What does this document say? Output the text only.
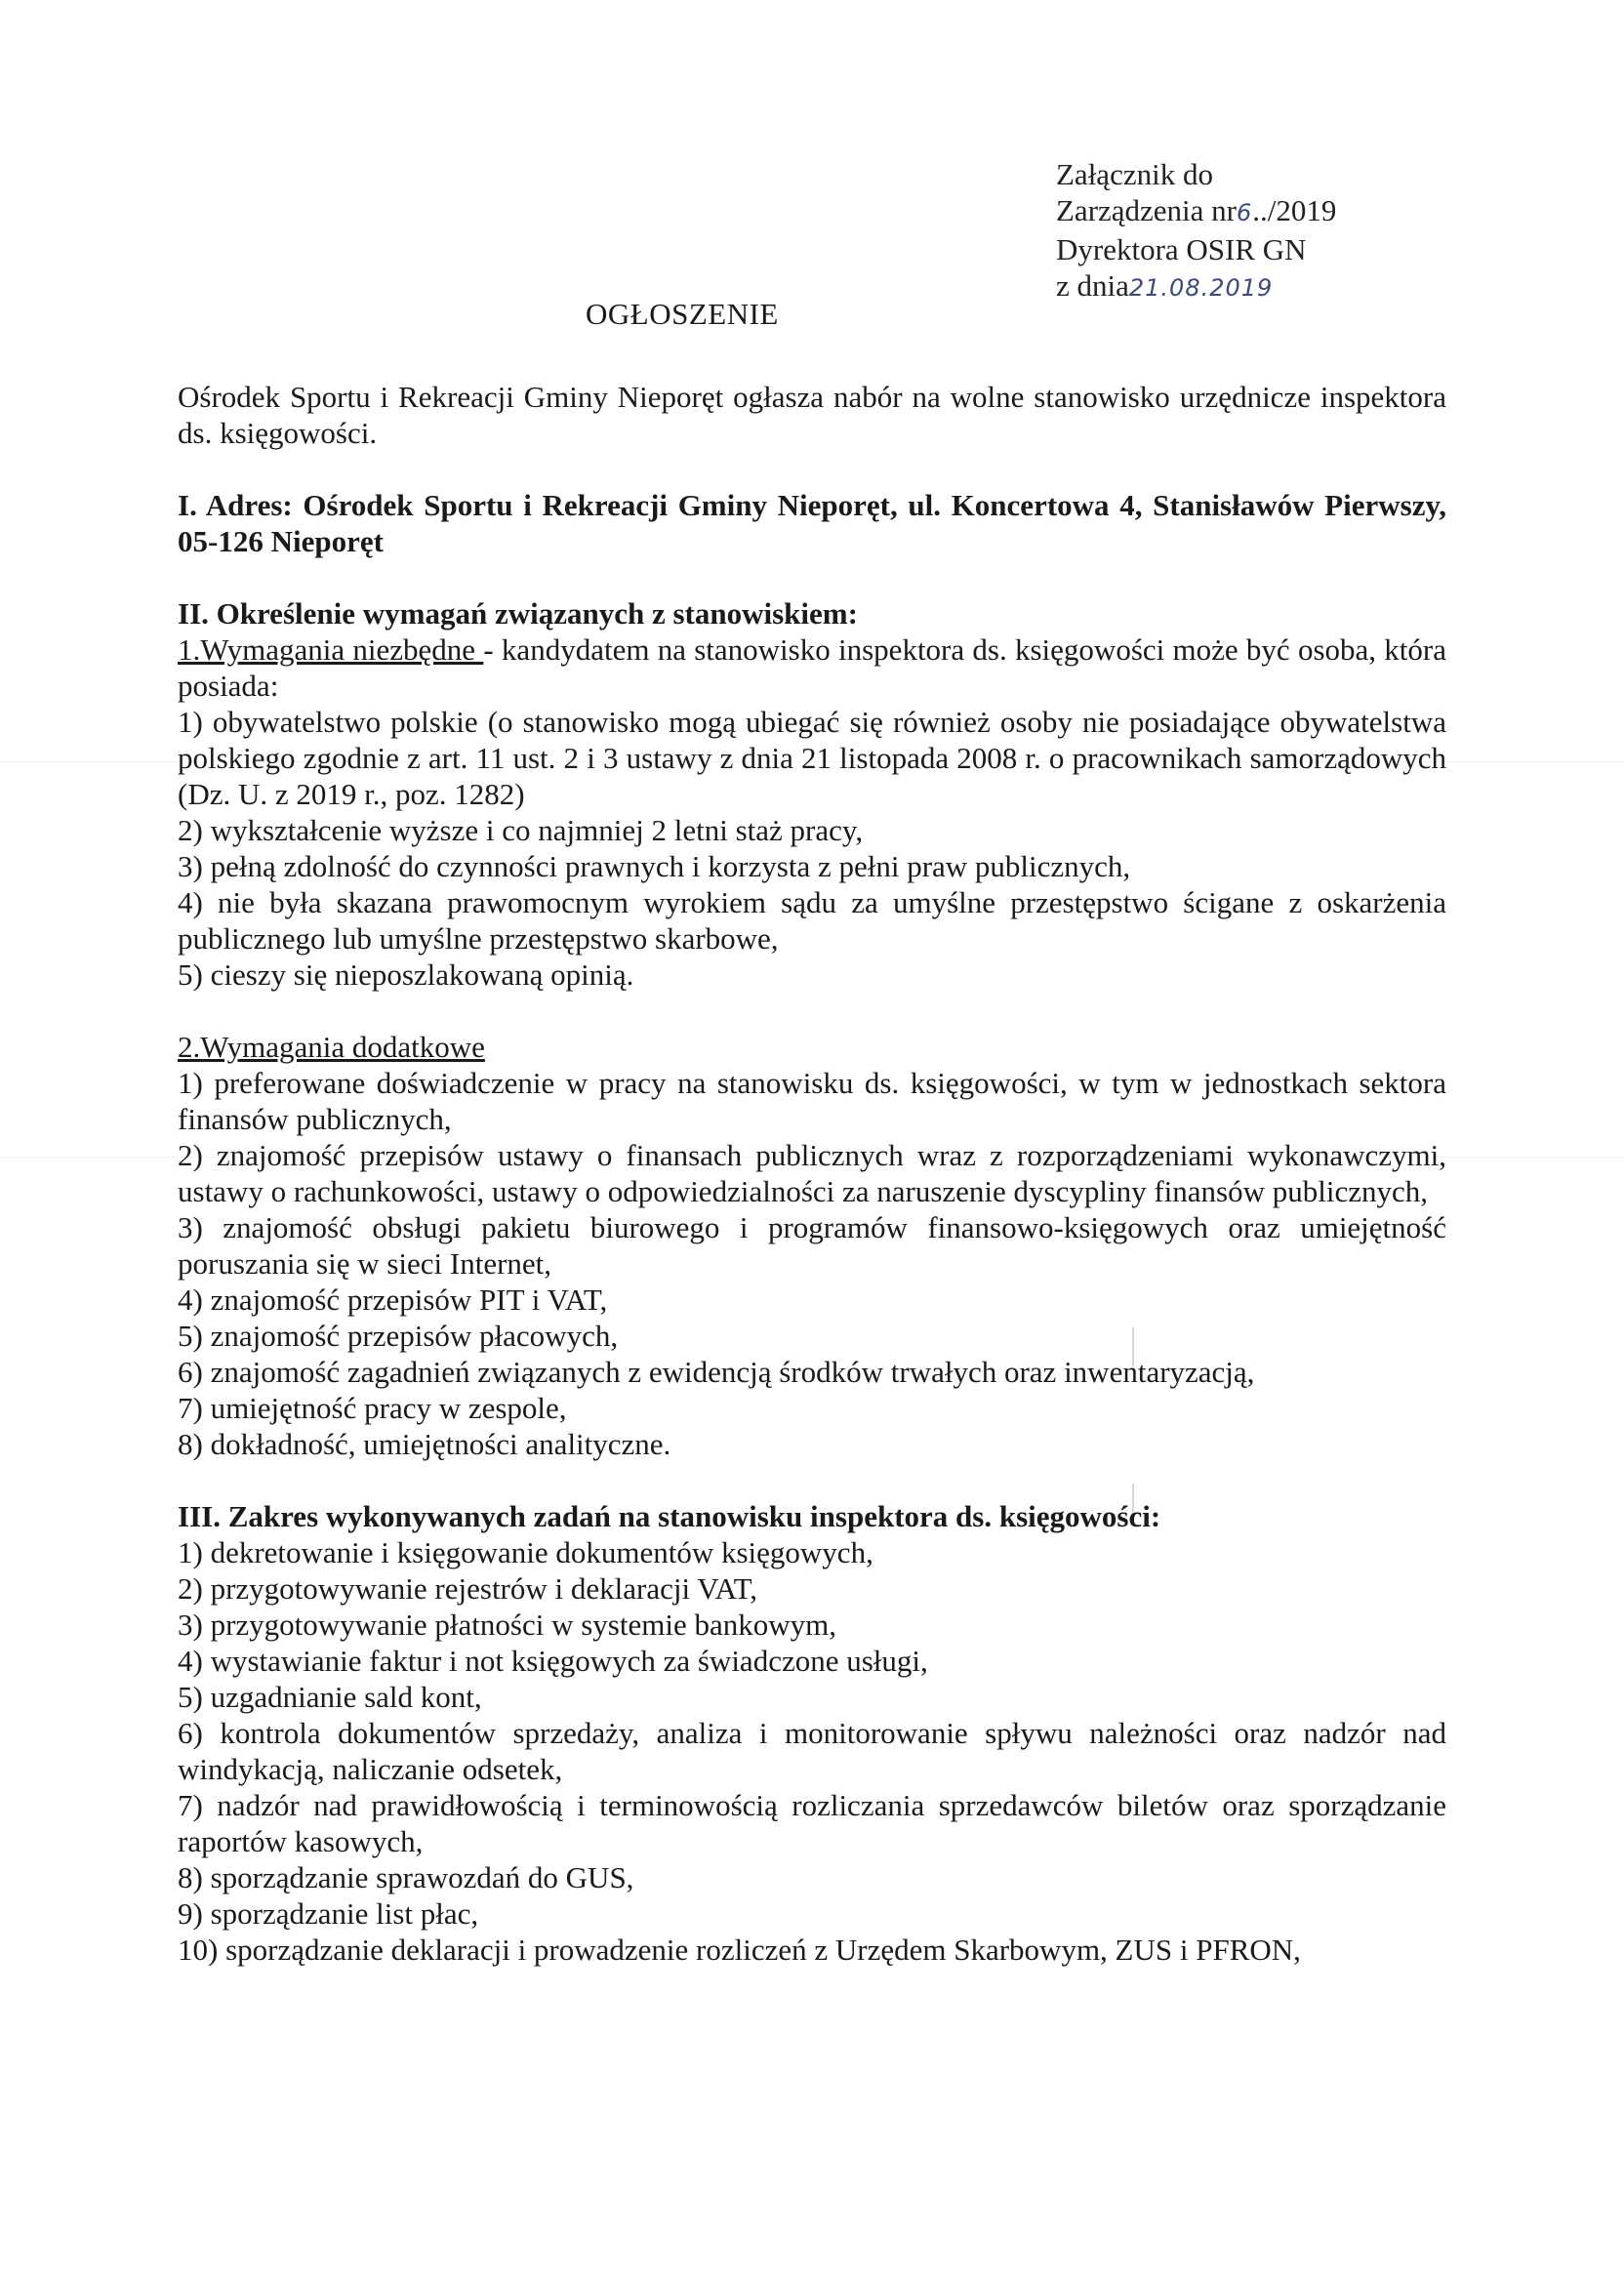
Załącznik do
Zarządzenia nr6../2019
Dyrektora OSIR GN
z dnia21.08.2019
OGŁOSZENIE

Ośrodek Sportu i Rekreacji Gminy Nieporęt ogłasza nabór na wolne stanowisko urzędnicze inspektora ds. księgowości.

I. Adres: Ośrodek Sportu i Rekreacji Gminy Nieporęt, ul. Koncertowa 4, Stanisławów Pierwszy, 05-126 Nieporęt

II. Określenie wymagań związanych z stanowiskiem:

1.Wymagania niezbędne - kandydatem na stanowisko inspektora ds. księgowości może być osoba, która posiada:

1) obywatelstwo polskie (o stanowisko mogą ubiegać się również osoby nie posiadające obywatelstwa polskiego zgodnie z art. 11 ust. 2 i 3 ustawy z dnia 21 listopada 2008 r. o pracownikach samorządowych (Dz. U. z 2019 r., poz. 1282)

2) wykształcenie wyższe i co najmniej 2 letni staż pracy,

3) pełną zdolność do czynności prawnych i korzysta z pełni praw publicznych,

4) nie była skazana prawomocnym wyrokiem sądu za umyślne przestępstwo ścigane z oskarżenia publicznego lub umyślne przestępstwo skarbowe,

5) cieszy się nieposzlakowaną opinią.

2.Wymagania dodatkowe

1) preferowane doświadczenie w pracy na stanowisku ds. księgowości, w tym w jednostkach sektora finansów publicznych,

2) znajomość przepisów ustawy o finansach publicznych wraz z rozporządzeniami wykonawczymi, ustawy o rachunkowości, ustawy o odpowiedzialności za naruszenie dyscypliny finansów publicznych,

3) znajomość obsługi pakietu biurowego i programów finansowo-księgowych oraz umiejętność poruszania się w sieci Internet,

4) znajomość przepisów PIT i VAT,

5) znajomość przepisów płacowych,

6) znajomość zagadnień związanych z ewidencją środków trwałych oraz inwentaryzacją,

7) umiejętność pracy w zespole,

8) dokładność, umiejętności analityczne.

III. Zakres wykonywanych zadań na stanowisku inspektora ds. księgowości:

1) dekretowanie i księgowanie dokumentów księgowych,

2) przygotowywanie rejestrów i deklaracji VAT,

3) przygotowywanie płatności w systemie bankowym,

4) wystawianie faktur i not księgowych za świadczone usługi,

5) uzgadnianie sald kont,

6) kontrola dokumentów sprzedaży, analiza i monitorowanie spływu należności oraz nadzór nad windykacją, naliczanie odsetek,

7) nadzór nad prawidłowością i terminowością rozliczania sprzedawców biletów oraz sporządzanie raportów kasowych,

8) sporządzanie sprawozdań do GUS,

9) sporządzanie list płac,

10) sporządzanie deklaracji i prowadzenie rozliczeń z Urzędem Skarbowym, ZUS i PFRON,
